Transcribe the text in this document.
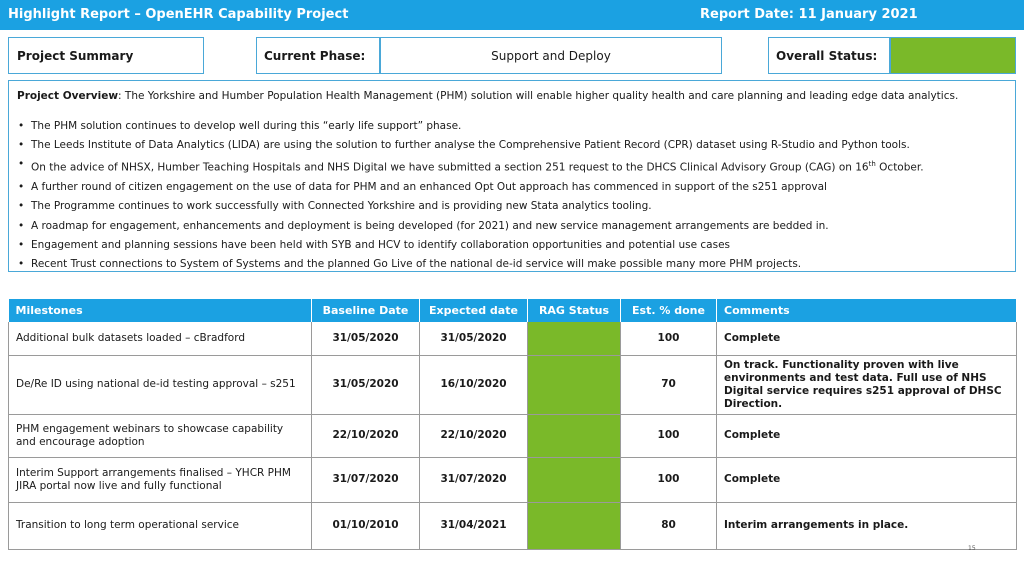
Highlight Report – OpenEHR Capability Project	Report Date: 11 January 2021
Project Summary	Current Phase:	Support and Deploy	Overall Status:
Project Overview: The Yorkshire and Humber Population Health Management (PHM) solution will enable higher quality health and care planning and leading edge data analytics.
• The PHM solution continues to develop well during this “early life support” phase.
• The Leeds Institute of Data Analytics (LIDA) are using the solution to further analyse the Comprehensive Patient Record (CPR) dataset using R-Studio and Python tools.
• On the advice of NHSX, Humber Teaching Hospitals and NHS Digital we have submitted a section 251 request to the DHCS Clinical Advisory Group (CAG) on 16th October.
• A further round of citizen engagement on the use of data for PHM and an enhanced Opt Out approach has commenced in support of the s251 approval
• The Programme continues to work successfully with Connected Yorkshire and is providing new Stata analytics tooling.
• A roadmap for engagement, enhancements and deployment is being developed (for 2021) and new service management arrangements are bedded in.
• Engagement and planning sessions have been held with SYB and HCV to identify collaboration opportunities and potential use cases
• Recent Trust connections to System of Systems and the planned Go Live of the national de-id service will make possible many more PHM projects.
Milestones	Baseline Date	Expected date	RAG Status	Est. % done	Comments
Additional bulk datasets loaded – cBradford	31/05/2020	31/05/2020		100	Complete
De/Re ID using national de-id testing approval – s251	31/05/2020	16/10/2020		70	On track. Functionality proven with live environments and test data. Full use of NHS Digital service requires s251 approval of DHSC Direction.
PHM engagement webinars to showcase capability and encourage adoption	22/10/2020	22/10/2020		100	Complete
Interim Support arrangements finalised – YHCR PHM JIRA portal now live and fully functional	31/07/2020	31/07/2020		100	Complete
Transition to long term operational service	01/10/2010	31/04/2021		80	Interim arrangements in place.
15
